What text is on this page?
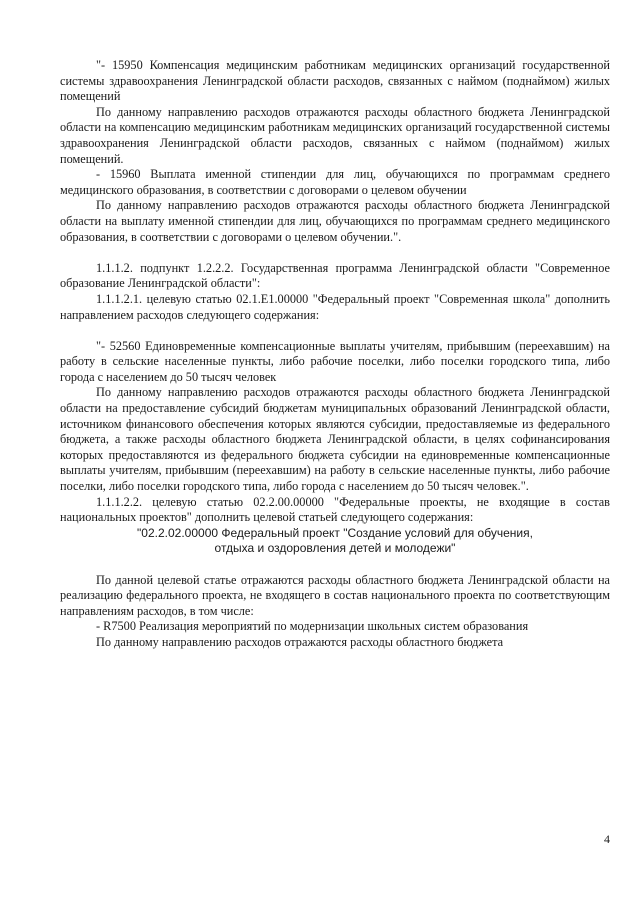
"- 15950 Компенсация медицинским работникам медицинских организаций государственной системы здравоохранения Ленинградской области расходов, связанных с наймом (поднаймом) жилых помещений

По данному направлению расходов отражаются расходы областного бюджета Ленинградской области на компенсацию медицинским работникам медицинских организаций государственной системы здравоохранения Ленинградской области расходов, связанных с наймом (поднаймом) жилых помещений.

- 15960 Выплата именной стипендии для лиц, обучающихся по программам среднего медицинского образования, в соответствии с договорами о целевом обучении

По данному направлению расходов отражаются расходы областного бюджета Ленинградской области на выплату именной стипендии для лиц, обучающихся по программам среднего медицинского образования, в соответствии с договорами о целевом обучении.".

1.1.1.2. подпункт 1.2.2.2. Государственная программа Ленинградской области "Современное образование Ленинградской области":

1.1.1.2.1. целевую статью 02.1.Е1.00000 "Федеральный проект "Современная школа" дополнить направлением расходов следующего содержания:

"- 52560 Единовременные компенсационные выплаты учителям, прибывшим (переехавшим) на работу в сельские населенные пункты, либо рабочие поселки, либо поселки городского типа, либо города с населением до 50 тысяч человек

По данному направлению расходов отражаются расходы областного бюджета Ленинградской области на предоставление субсидий бюджетам муниципальных образований Ленинградской области, источником финансового обеспечения которых являются субсидии, предоставляемые из федерального бюджета, а также расходы областного бюджета Ленинградской области, в целях софинансирования которых предоставляются из федерального бюджета субсидии на единовременные компенсационные выплаты учителям, прибывшим (переехавшим) на работу в сельские населенные пункты, либо рабочие поселки, либо поселки городского типа, либо города с населением до 50 тысяч человек.".

1.1.1.2.2. целевую статью 02.2.00.00000 "Федеральные проекты, не входящие в состав национальных проектов" дополнить целевой статьей следующего содержания:

"02.2.02.00000 Федеральный проект "Создание условий для обучения,

отдыха и оздоровления детей и молодежи"

По данной целевой статье отражаются расходы областного бюджета Ленинградской области на реализацию федерального проекта, не входящего в состав национального проекта по соответствующим направлениям расходов, в том числе:

- R7500 Реализация мероприятий по модернизации школьных систем образования

По данному направлению расходов отражаются расходы областного бюджета

4
